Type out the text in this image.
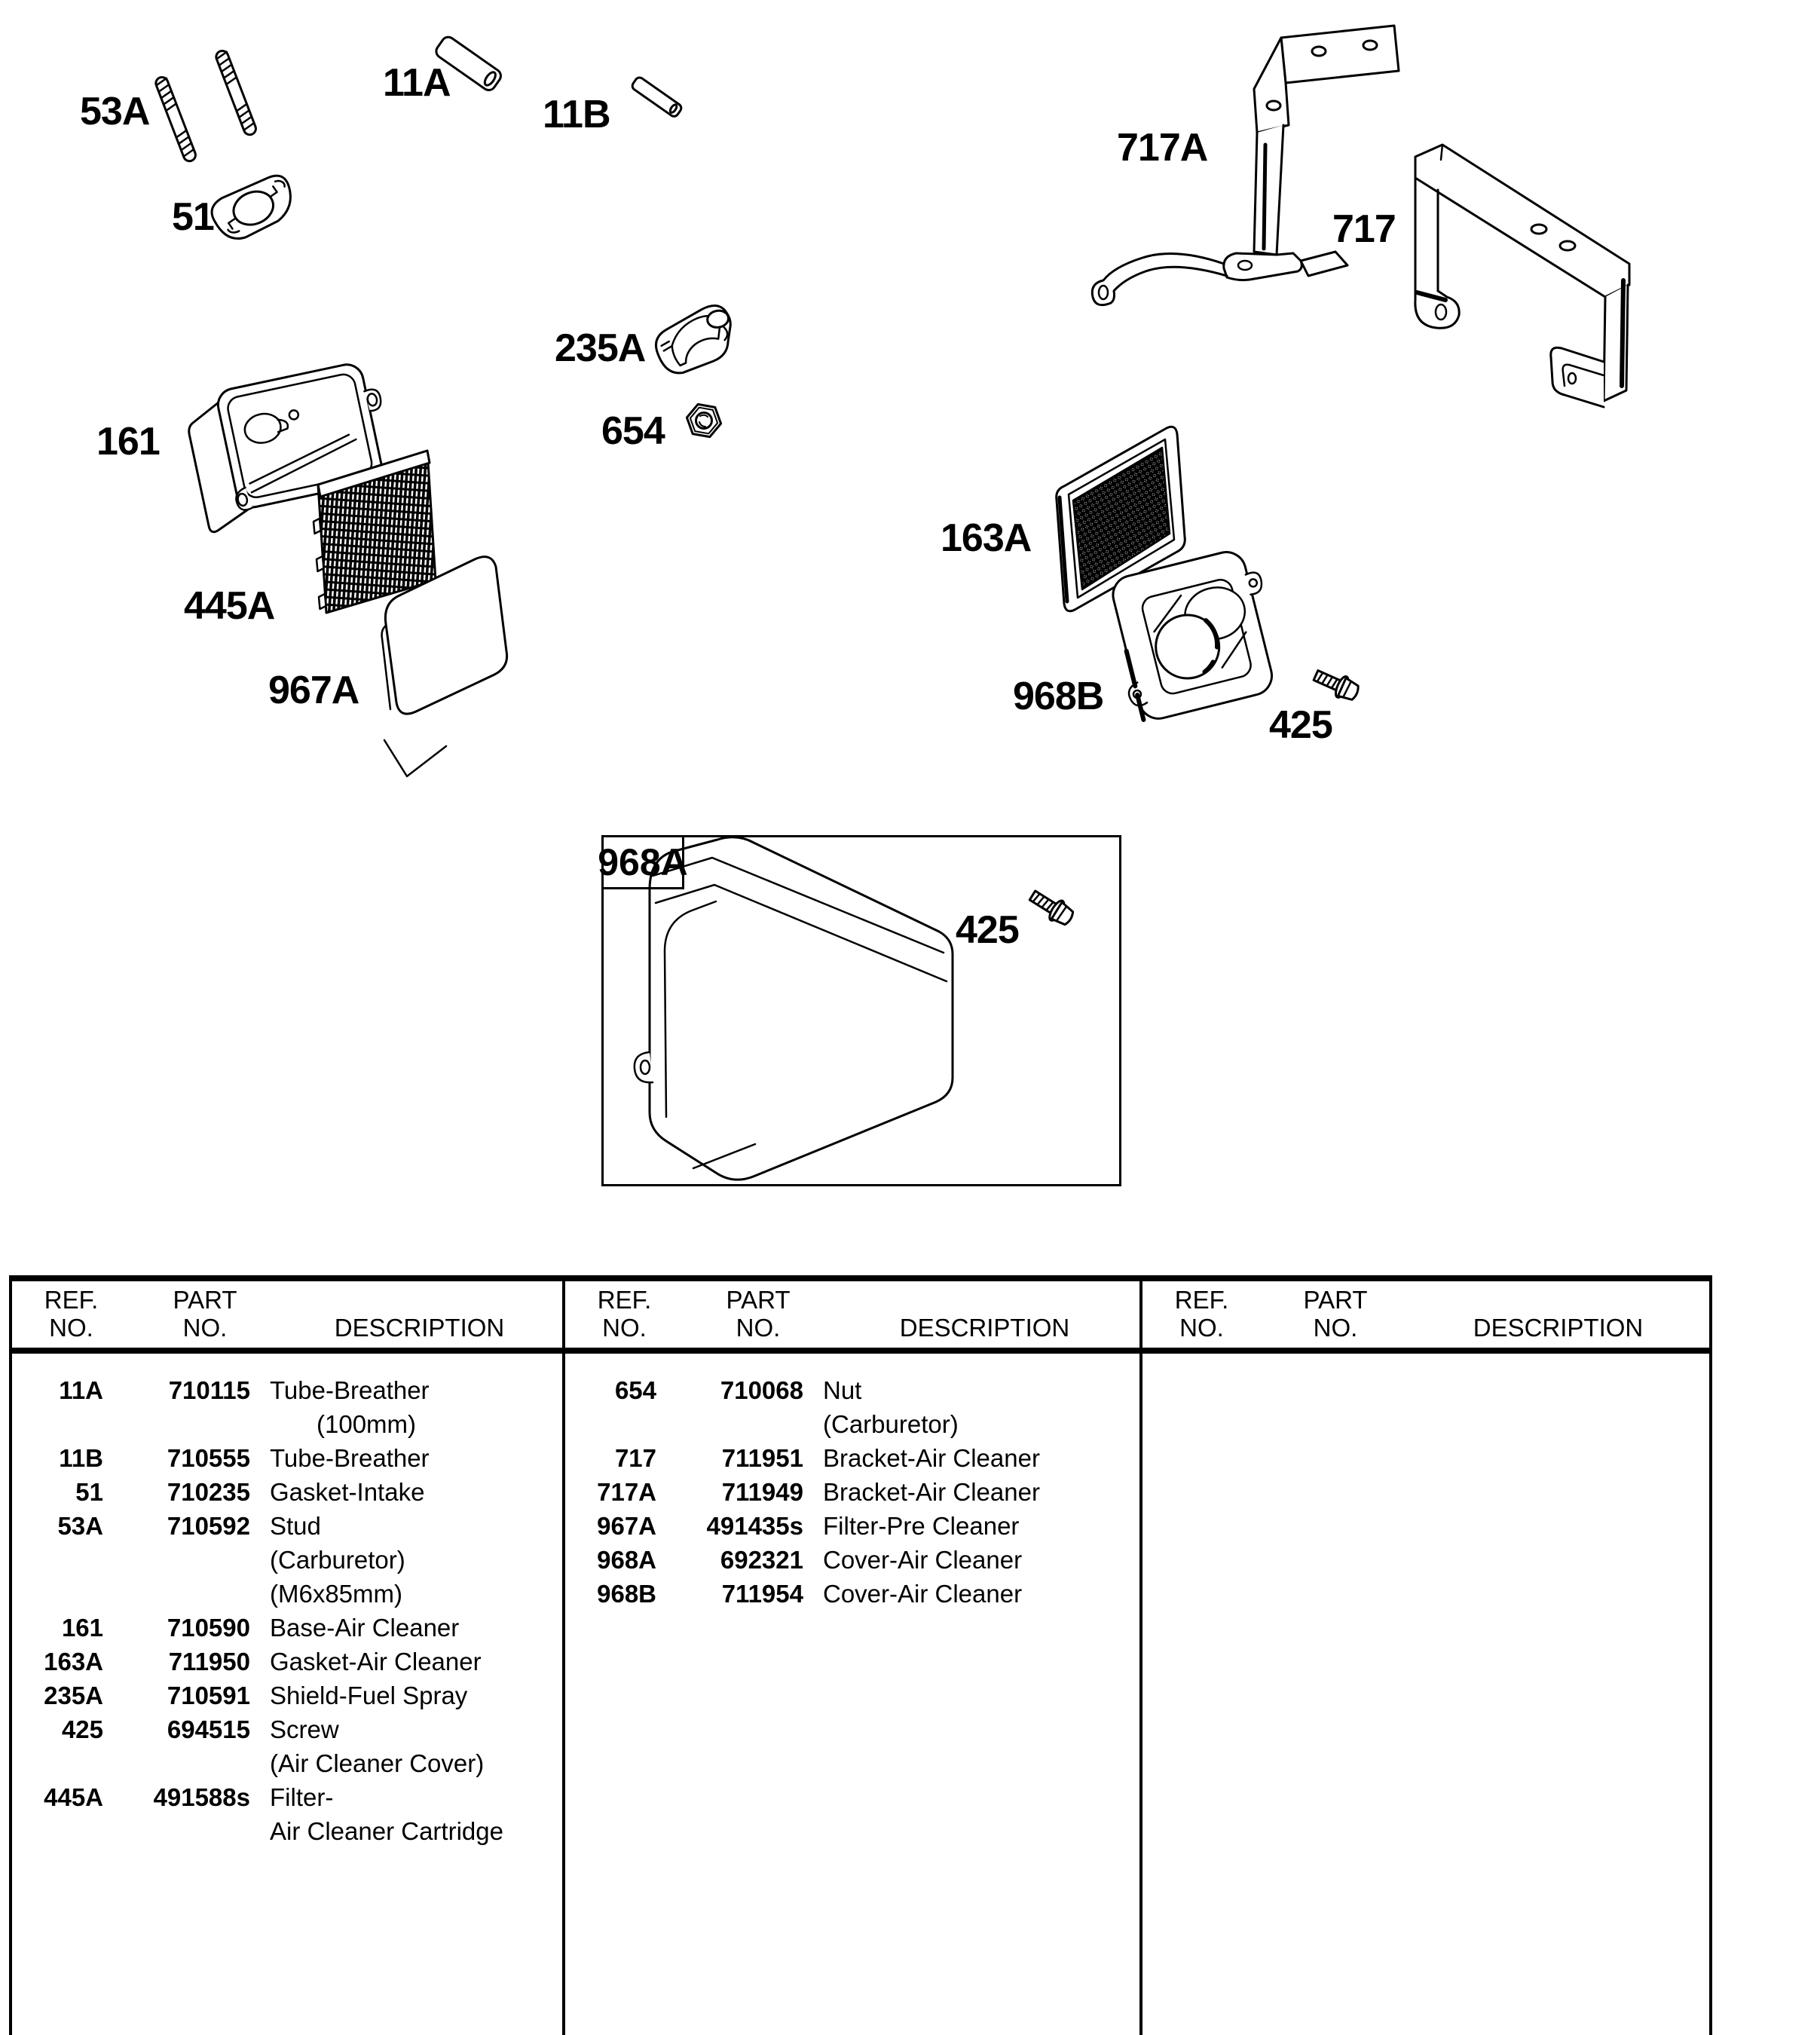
53A
11A
11B
51
235A
654
161
445A
967A
163A
968B
425
717A
717
425
968A
REF.
NO.
PART
NO.	DESCRIPTION
11A	710115 Tube-Breather
(100mm)
11B	710555 Tube-Breather
51	710235 Gasket-Intake
53A	710592 Stud
(Carburetor)
(M6x85mm)
161	710590 Base-Air Cleaner
163A	711950 Gasket-Air Cleaner
235A	710591 Shield-Fuel Spray
425	694515 Screw
(Air Cleaner Cover)
445A	491588s Filter-
Air Cleaner Cartridge
REF.
NO.
PART
NO.	DESCRIPTION
654	710068 Nut
(Carburetor)
717	711951 Bracket-Air Cleaner
717A	711949 Bracket-Air Cleaner
967A	491435s Filter-Pre Cleaner
968A	692321 Cover-Air Cleaner
968B	711954 Cover-Air Cleaner
REF.
NO.
PART
NO.	DESCRIPTION
